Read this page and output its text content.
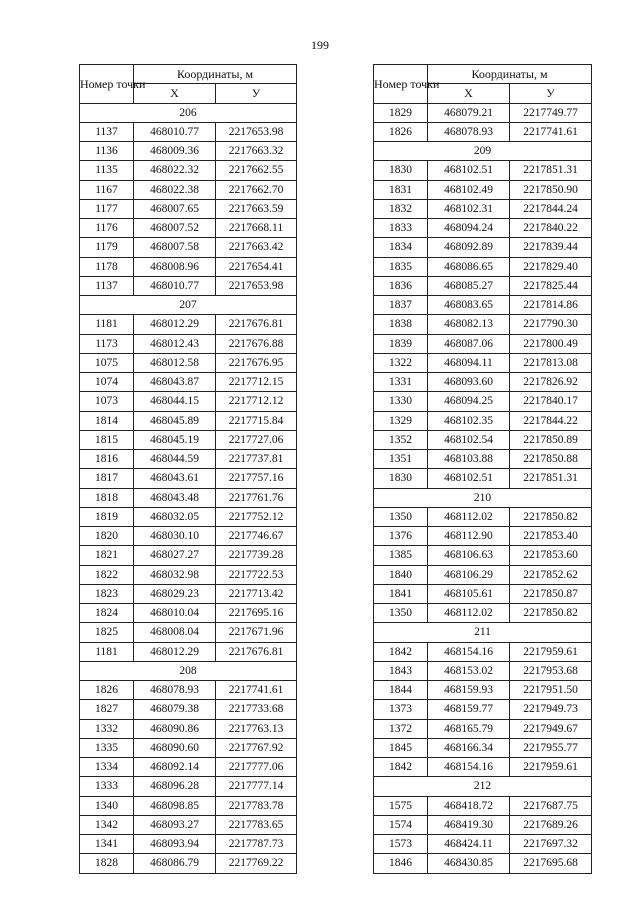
199
Номер точки	Координаты, м	
	X	У
206		
1137	468010.77	2217653.98
1136	468009.36	2217663.32
1135	468022.32	2217662.55
1167	468022.38	2217662.70
1177	468007.65	2217663.59
1176	468007.52	2217668.11
1179	468007.58	2217663.42
1178	468008.96	2217654.41
1137	468010.77	2217653.98
207		
1181	468012.29	2217676.81
1173	468012.43	2217676.88
1075	468012.58	2217676.95
1074	468043.87	2217712.15
1073	468044.15	2217712.12
1814	468045.89	2217715.84
1815	468045.19	2217727.06
1816	468044.59	2217737.81
1817	468043.61	2217757.16
1818	468043.48	2217761.76
1819	468032.05	2217752.12
1820	468030.10	2217746.67
1821	468027.27	2217739.28
1822	468032.98	2217722.53
1823	468029.23	2217713.42
1824	468010.04	2217695.16
1825	468008.04	2217671.96
1181	468012.29	2217676.81
208		
1826	468078.93	2217741.61
1827	468079.38	2217733.68
1332	468090.86	2217763.13
1335	468090.60	2217767.92
1334	468092.14	2217777.06
1333	468096.28	2217777.14
1340	468098.85	2217783.78
1342	468093.27	2217783.65
1341	468093.94	2217787.73
1828	468086.79	2217769.22
Номер точки	Координаты, м	
	X	У
1829	468079.21	2217749.77
1826	468078.93	2217741.61
209		
1830	468102.51	2217851.31
1831	468102.49	2217850.90
1832	468102.31	2217844.24
1833	468094.24	2217840.22
1834	468092.89	2217839.44
1835	468086.65	2217829.40
1836	468085.27	2217825.44
1837	468083.65	2217814.86
1838	468082.13	2217790.30
1839	468087.06	2217800.49
1322	468094.11	2217813.08
1331	468093.60	2217826.92
1330	468094.25	2217840.17
1329	468102.35	2217844.22
1352	468102.54	2217850.89
1351	468103.88	2217850.88
1830	468102.51	2217851.31
210		
1350	468112.02	2217850.82
1376	468112.90	2217853.40
1385	468106.63	2217853.60
1840	468106.29	2217852.62
1841	468105.61	2217850.87
1350	468112.02	2217850.82
211		
1842	468154.16	2217959.61
1843	468153.02	2217953.68
1844	468159.93	2217951.50
1373	468159.77	2217949.73
1372	468165.79	2217949.67
1845	468166.34	2217955.77
1842	468154.16	2217959.61
212		
1575	468418.72	2217687.75
1574	468419.30	2217689.26
1573	468424.11	2217697.32
1846	468430.85	2217695.68
